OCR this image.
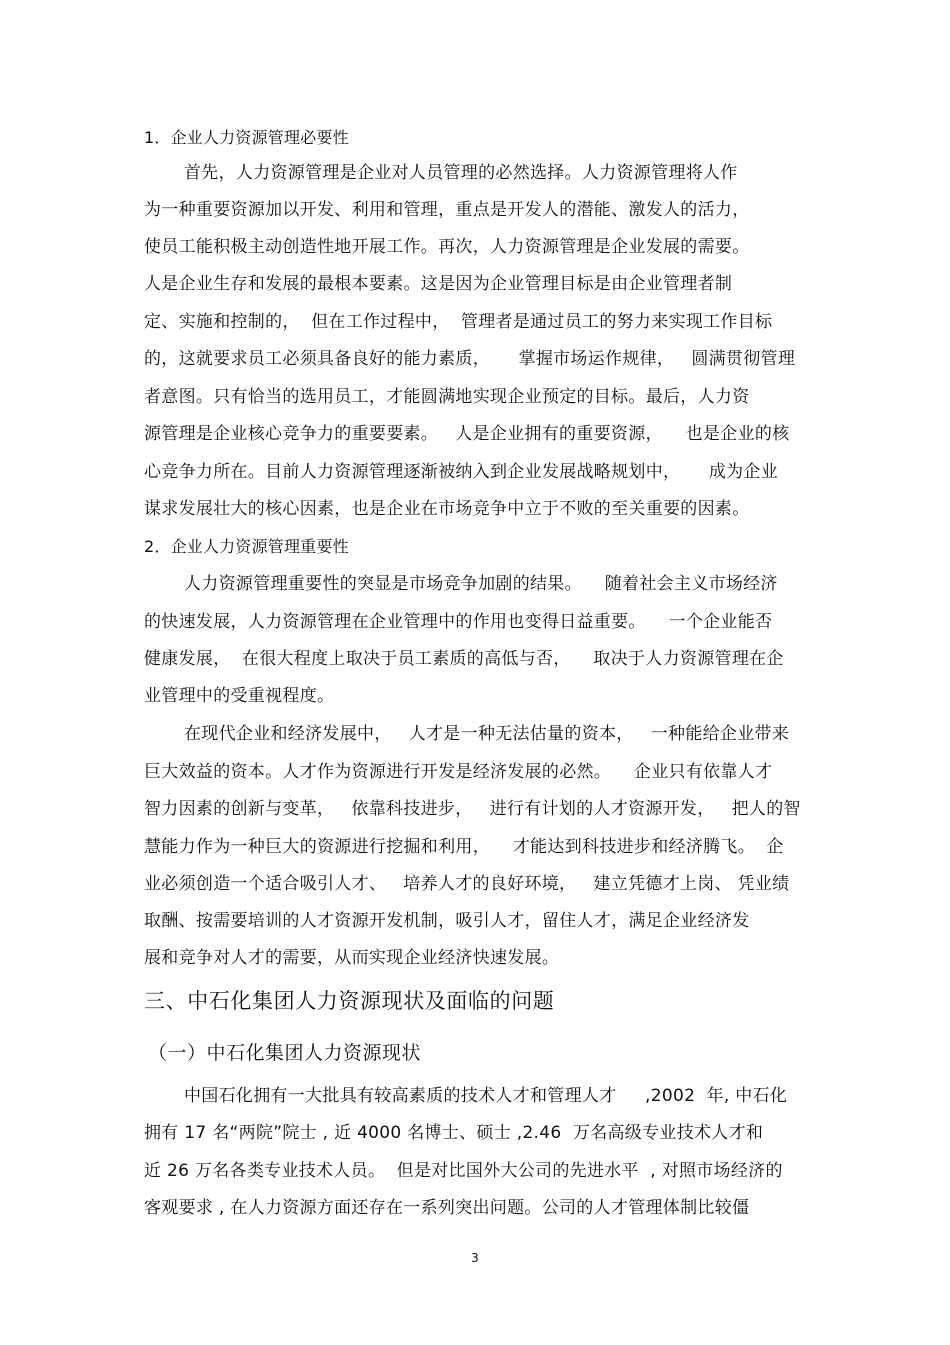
1．企业人力资源管理必要性
首先，人力资源管理是企业对人员管理的必然选择。人力资源管理将人作
为一种重要资源加以开发、利用和管理，重点是开发人的潜能、激发人的活力，
使员工能积极主动创造性地开展工作。再次，人力资源管理是企业发展的需要。
人是企业生存和发展的最根本要素。这是因为企业管理目标是由企业管理者制
定、实施和控制的，  但在工作过程中，  管理者是通过员工的努力来实现工作目标
的，这就要求员工必须具备良好的能力素质，     掌握市场运作规律，   圆满贯彻管理
者意图。只有恰当的选用员工，才能圆满地实现企业预定的目标。最后，人力资
源管理是企业核心竞争力的重要要素。   人是企业拥有的重要资源，    也是企业的核
心竞争力所在。目前人力资源管理逐渐被纳入到企业发展战略规划中，     成为企业
谋求发展壮大的核心因素，也是企业在市场竞争中立于不败的至关重要的因素。
2．企业人力资源管理重要性
人力资源管理重要性的突显是市场竞争加剧的结果。    随着社会主义市场经济
的快速发展，人力资源管理在企业管理中的作用也变得日益重要。    一个企业能否
健康发展，  在很大程度上取决于员工素质的高低与否，    取决于人力资源管理在企
业管理中的受重视程度。
在现代企业和经济发展中，   人才是一种无法估量的资本，   一种能给企业带来
巨大效益的资本。人才作为资源进行开发是经济发展的必然。    企业只有依靠人才
智力因素的创新与变革，   依靠科技进步，   进行有计划的人才资源开发，   把人的智
慧能力作为一种巨大的资源进行挖掘和利用，    才能达到科技进步和经济腾飞。  企
业必须创造一个适合吸引人才、   培养人才的良好环境，   建立凭德才上岗、 凭业绩
取酬、按需要培训的人才资源开发机制，吸引人才，留住人才，满足企业经济发
展和竞争对人才的需要，从而实现企业经济快速发展。
三、中石化集团人力资源现状及面临的问题
（一）中石化集团人力资源现状
中国石化拥有一大批具有较高素质的技术人才和管理人才     ,2002  年, 中石化
拥有 17 名“两院”院士 , 近 4000 名博士、硕士 ,2.46  万名高级专业技术人才和
近 26 万名各类专业技术人员。  但是对比国外大公司的先进水平  , 对照市场经济的
客观要求 , 在人力资源方面还存在一系列突出问题。公司的人才管理体制比较僵
3
